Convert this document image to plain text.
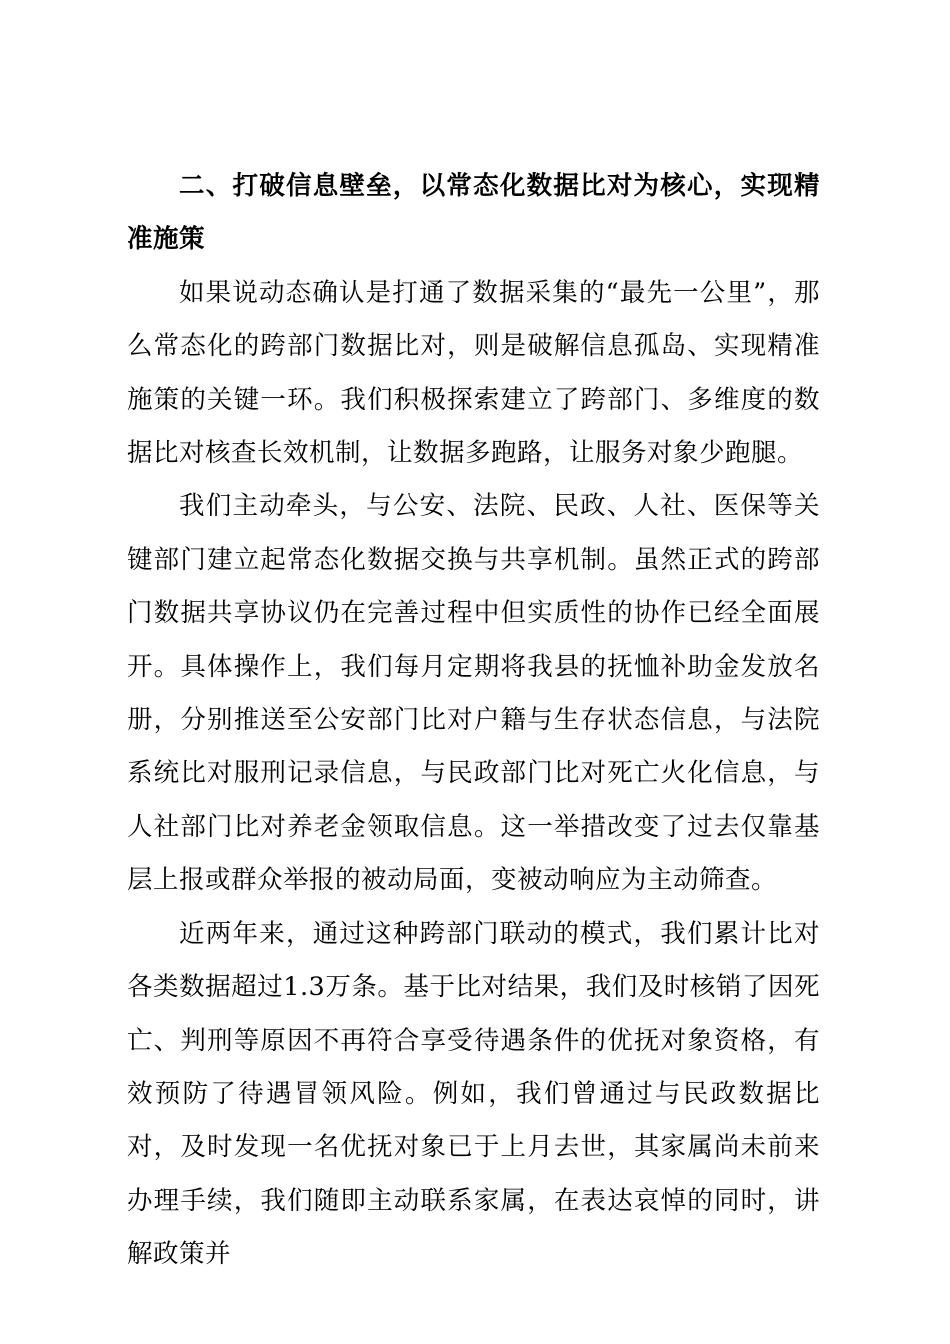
二、打破信息壁垒，以常态化数据比对为核心，实现精准施策

如果说动态确认是打通了数据采集的“最先一公里”，那么常态化的跨部门数据比对，则是破解信息孤岛、实现精准施策的关键一环。我们积极探索建立了跨部门、多维度的数据比对核查长效机制，让数据多跑路，让服务对象少跑腿。

我们主动牵头，与公安、法院、民政、人社、医保等关键部门建立起常态化数据交换与共享机制。虽然正式的跨部门数据共享协议仍在完善过程中但实质性的协作已经全面展开。具体操作上，我们每月定期将我县的抚恤补助金发放名册，分别推送至公安部门比对户籍与生存状态信息，与法院系统比对服刑记录信息，与民政部门比对死亡火化信息，与人社部门比对养老金领取信息。这一举措改变了过去仅靠基层上报或群众举报的被动局面，变被动响应为主动筛查。

近两年来，通过这种跨部门联动的模式，我们累计比对各类数据超过1.3万条。基于比对结果，我们及时核销了因死亡、判刑等原因不再符合享受待遇条件的优抚对象资格，有效预防了待遇冒领风险。例如，我们曾通过与民政数据比对，及时发现一名优抚对象已于上月去世，其家属尚未前来办理手续，我们随即主动联系家属，在表达哀悼的同时，讲解政策并
